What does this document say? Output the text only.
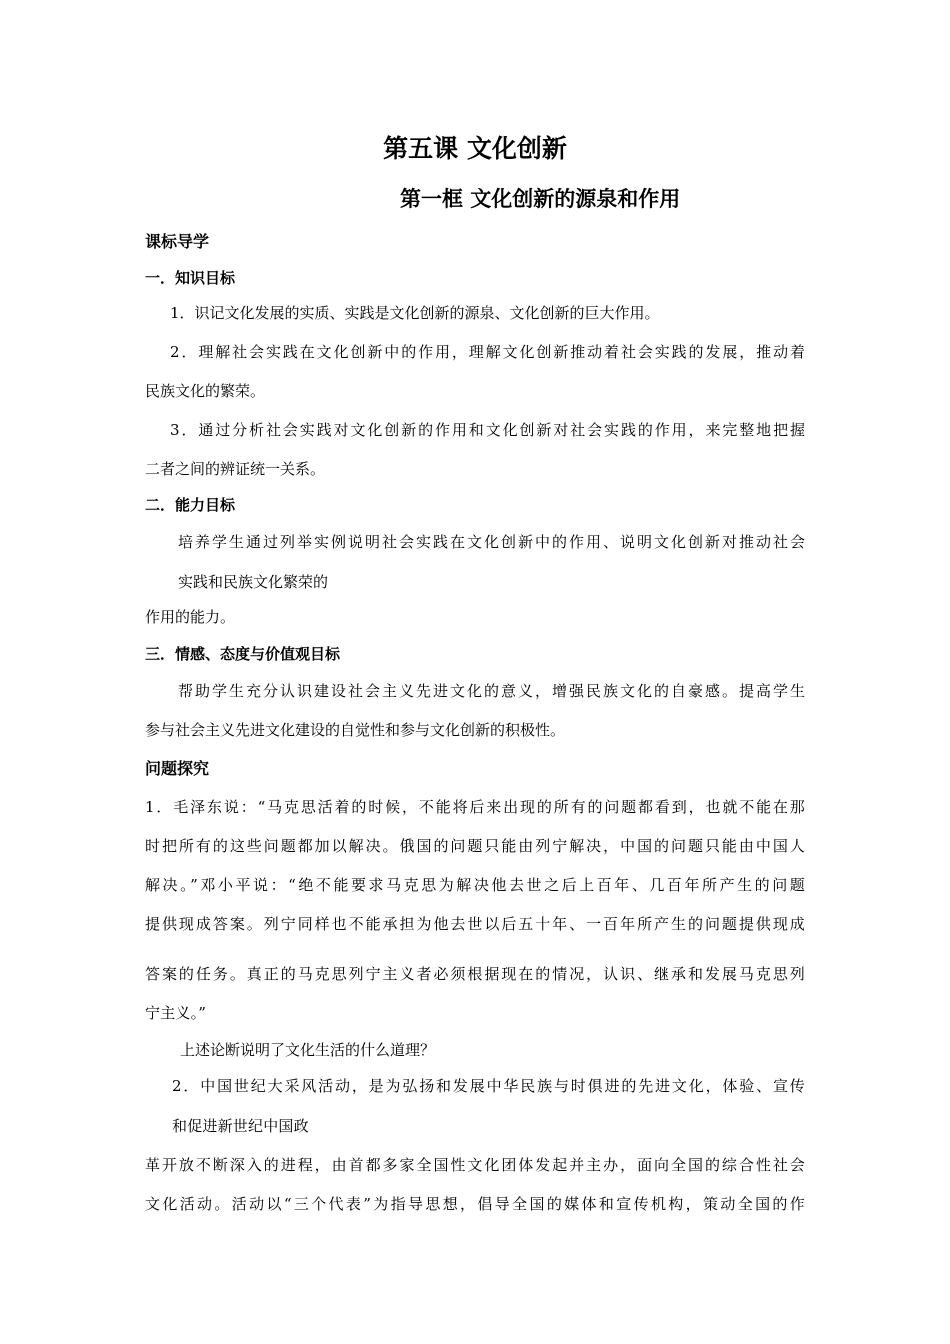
第五课 文化创新
第一框 文化创新的源泉和作用
课标导学
一．知识目标
1．识记文化发展的实质、实践是文化创新的源泉、文化创新的巨大作用。
2．理解社会实践在文化创新中的作用，理解文化创新推动着社会实践的发展，推动着
民族文化的繁荣。
3．通过分析社会实践对文化创新的作用和文化创新对社会实践的作用，来完整地把握
二者之间的辨证统一关系。
二．能力目标
培养学生通过列举实例说明社会实践在文化创新中的作用、说明文化创新对推动社会
实践和民族文化繁荣的
作用的能力。
三．情感、态度与价值观目标
帮助学生充分认识建设社会主义先进文化的意义，增强民族文化的自豪感。提高学生
参与社会主义先进文化建设的自觉性和参与文化创新的积极性。
问题探究
1．毛泽东说：“马克思活着的时候，不能将后来出现的所有的问题都看到，也就不能在那
时把所有的这些问题都加以解决。俄国的问题只能由列宁解决，中国的问题只能由中国人
解决。”邓小平说：“绝不能要求马克思为解决他去世之后上百年、几百年所产生的问题
提供现成答案。列宁同样也不能承担为他去世以后五十年、一百年所产生的问题提供现成
答案的任务。真正的马克思列宁主义者必须根据现在的情况，认识、继承和发展马克思列
宁主义。”
上述论断说明了文化生活的什么道理？
2．中国世纪大采风活动，是为弘扬和发展中华民族与时俱进的先进文化，体验、宣传
和促进新世纪中国政
革开放不断深入的进程，由首都多家全国性文化团体发起并主办，面向全国的综合性社会
文化活动。活动以“三个代表”为指导思想，倡导全国的媒体和宣传机构，策动全国的作
